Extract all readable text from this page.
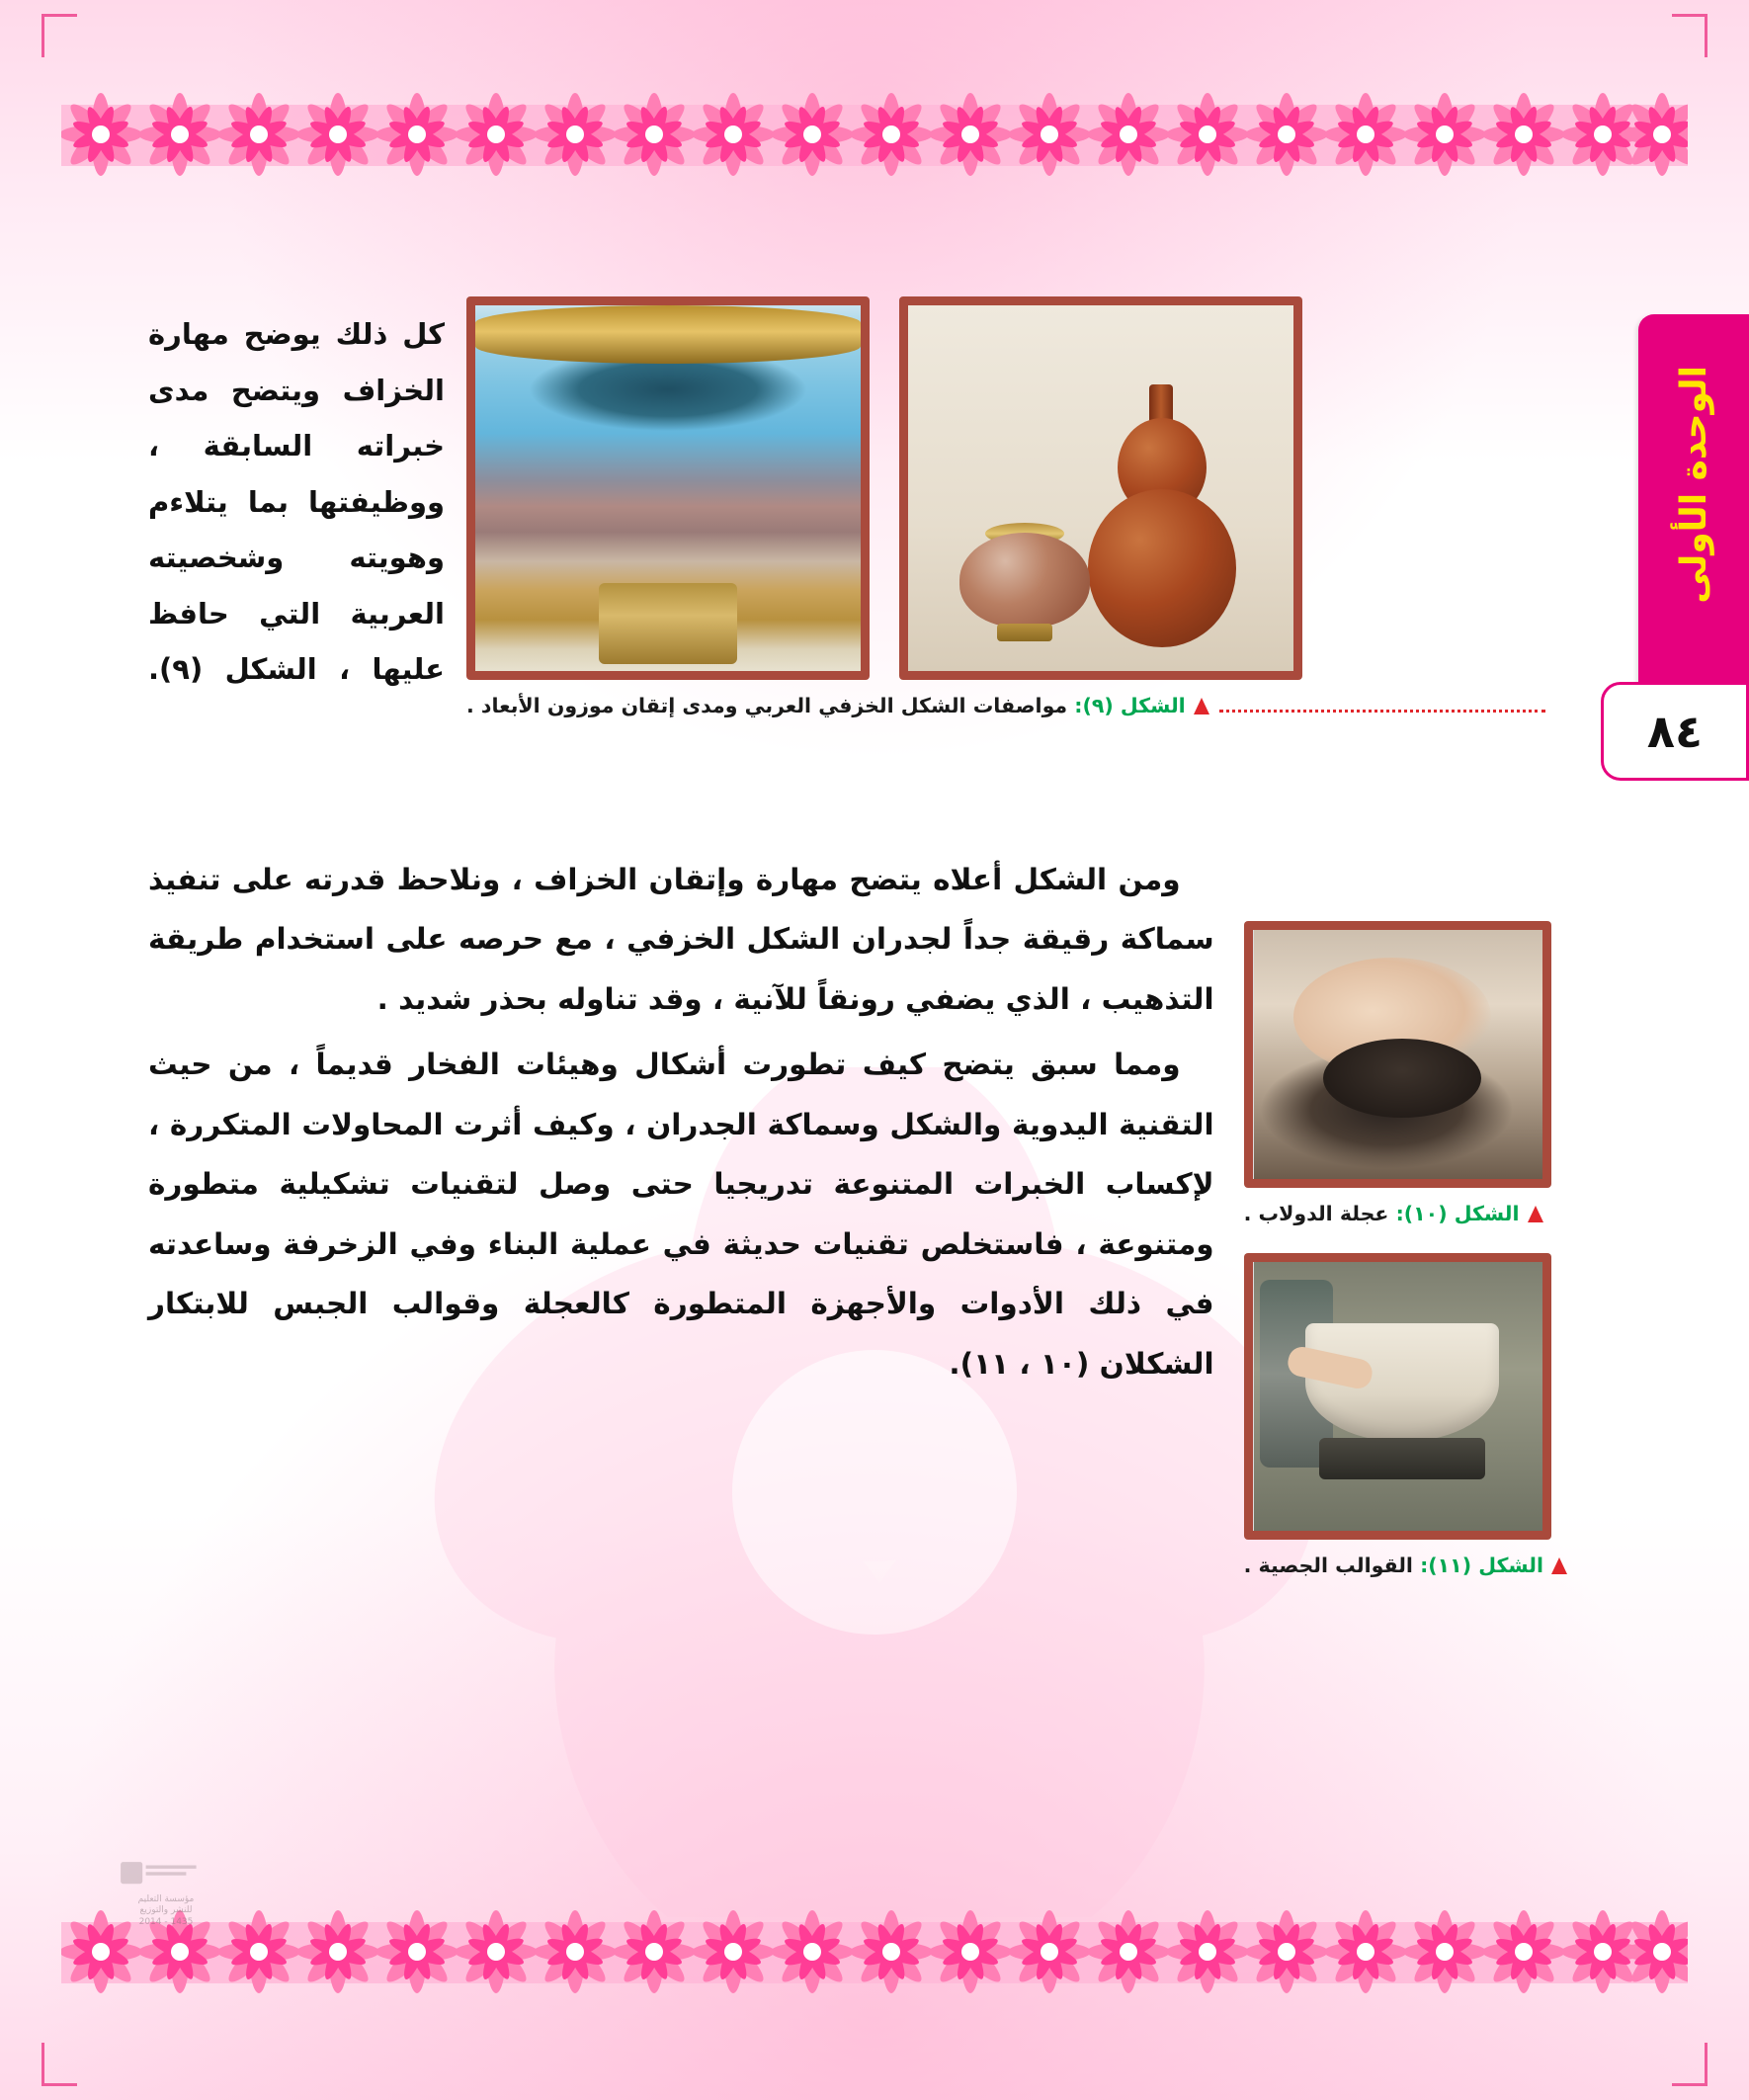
الوحدة الأولى
٨٤
كل ذلك يوضح مهارة الخزاف ويتضح مدى خبراته السابقة ، ووظيفتها بما يتلاءم وهويته وشخصيته العربية التي حافظ عليها ، الشكل (٩).
الشكل (٩): مواصفات الشكل الخزفي العربي ومدى إتقان موزون الأبعاد .

ومن الشكل أعلاه يتضح مهارة وإتقان الخزاف ، ونلاحظ قدرته على تنفيذ سماكة رقيقة جداً لجدران الشكل الخزفي ، مع حرصه على استخدام طريقة التذهيب ، الذي يضفي رونقاً للآنية ، وقد تناوله بحذر شديد .

ومما سبق يتضح كيف تطورت أشكال وهيئات الفخار قديماً ، من حيث التقنية اليدوية والشكل وسماكة الجدران ، وكيف أثرت المحاولات المتكررة ، لإكساب الخبرات المتنوعة تدريجيا حتى وصل لتقنيات تشكيلية متطورة ومتنوعة ، فاستخلص تقنيات حديثة في عملية البناء وفي الزخرفة وساعدته في ذلك الأدوات والأجهزة المتطورة كالعجلة وقوالب الجبس للابتكار الشكلان (١٠ ، ١١).

الشكل (١٠): عجلة الدولاب .
الشكل (١١): القوالب الجصية .
مؤسسة التعليم
للنشر والتوزيع
1435 - 2014
